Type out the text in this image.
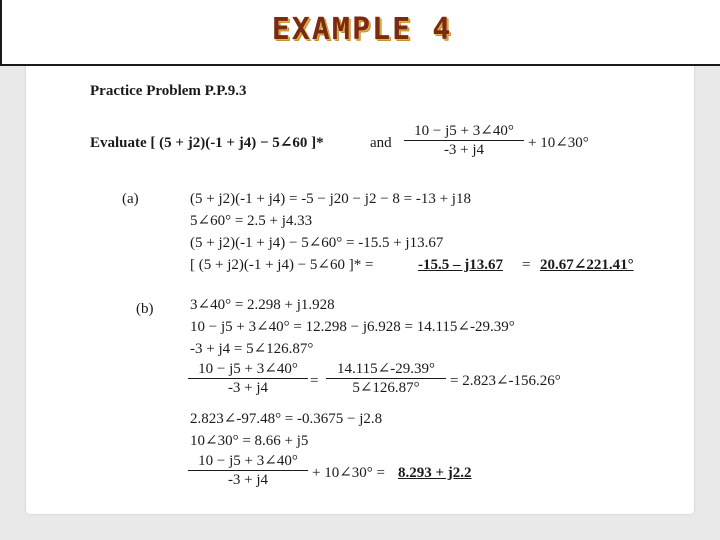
Practice Problem P.P.9.3
Evaluate [ (5 + j2)(-1 + j4) − 5∠60 ]*	and $\frac{10 - j5 + 3\angle 40^\circ}{-3 + j4}$ + 10∠30°
(a)	(5 + j2)(-1 + j4) = -5 − j20 − j2 − 8 = -13 + j18
5∠60° = 2.5 + j4.33
(5 + j2)(-1 + j4) − 5∠60° = -15.5 + j13.67
[ (5 + j2)(-1 + j4) − 5∠60 ]* =	-15.5 – j13.67 = 20.67∠221.41°
(b) 3∠40° = 2.298 + j1.928
10 − j5 + 3∠40° = 12.298 − j6.928 = 14.115∠-29.39°
-3 + j4 = 5∠126.87°
$\frac{10 - j5 + 3\angle 40^\circ}{-3 + j4} = \frac{14.115\angle-29.39^\circ}{5\angle 126.87^\circ}$ = 2.823∠-156.26°
2.823∠-97.48° = -0.3675 − j2.8
10∠30° = 8.66 + j5
$\frac{10 - j5 + 3\angle 40^\circ}{-3 + j4}$ + 10∠30° = 8.293 + j2.2
EXAMPLE 4
